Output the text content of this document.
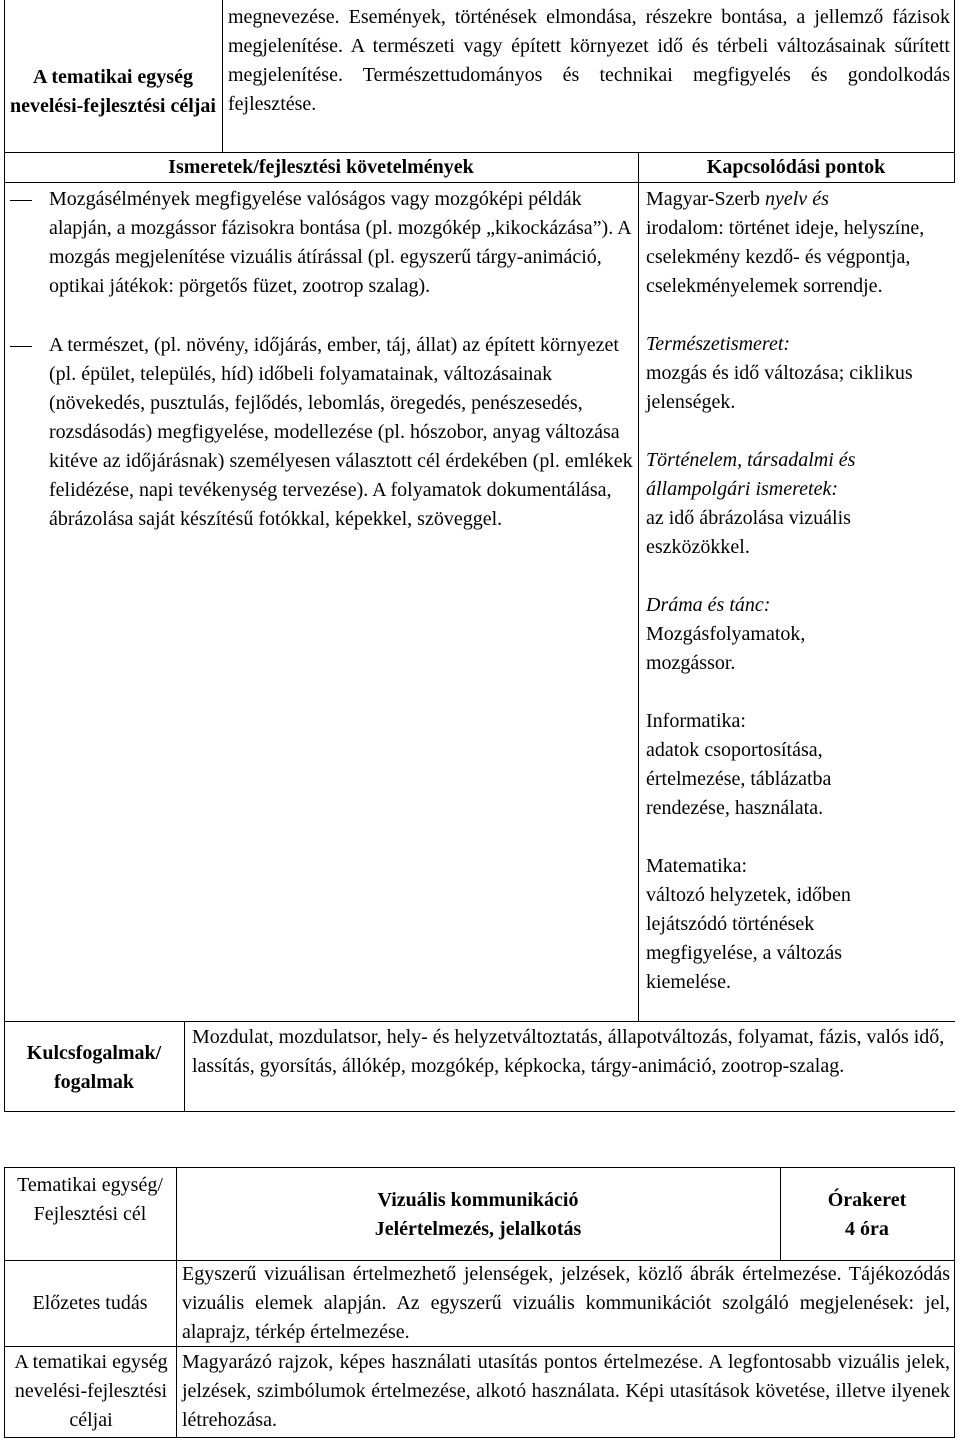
A tematikai egység nevelési-fejlesztési céljai

megnevezése. Események, történések elmondása, részekre bontása, a jellemző fázisok megjelenítése. A természeti vagy épített környezet idő és térbeli változásainak sűrített megjelenítése. Természettudományos és technikai megfigyelés és gondolkodás fejlesztése.

Ismeretek/fejlesztési követelmények	Kapcsolódási pontok

Mozgásélmények megfigyelése valóságos vagy mozgóképi példák alapján, a mozgássor fázisokra bontása (pl. mozgókép „kikockázása”). A mozgás megjelenítése vizuális átírással (pl. egyszerű tárgy-animáció, optikai játékok: pörgetős füzet, zootrop szalag).

A természet, (pl. növény, időjárás, ember, táj, állat) az épített környezet (pl. épület, település, híd) időbeli folyamatainak, változásainak (növekedés, pusztulás, fejlődés, lebomlás, öregedés, penészesedés, rozsdásodás) megfigyelése, modellezése (pl. hószobor, anyag változása kitéve az időjárásnak) személyesen választott cél érdekében (pl. emlékek felidézése, napi tevékenység tervezése). A folyamatok dokumentálása, ábrázolása saját készítésű fotókkal, képekkel, szöveggel.

Magyar-Szerb nyelv és

irodalom: történet ideje, helyszíne, cselekmény kezdő- és végpontja, cselekményelemek sorrendje.

Természetismeret:

mozgás és idő változása; ciklikus jelenségek.

Történelem, társadalmi és

állampolgári ismeretek:

az idő ábrázolása vizuális eszközökkel.

Dráma és tánc:

Mozgásfolyamatok, mozgássor.

Informatika:

adatok csoportosítása, értelmezése, táblázatba rendezése, használata.

Matematika:

változó helyzetek, időben lejátszódó történések megfigyelése, a változás kiemelése.

Kulcsfogalmak/ fogalmak

Mozdulat, mozdulatsor, hely- és helyzetváltoztatás, állapotváltozás, folyamat, fázis, valós idő, lassítás, gyorsítás, állókép, mozgókép, képkocka, tárgy-animáció, zootrop-szalag.

Tematikai egység/ Fejlesztési cél
Vizuális kommunikáció
Jelértelmezés, jelalkotás
Órakeret
4 óra
Előzetes tudás

Egyszerű vizuálisan értelmezhető jelenségek, jelzések, közlő ábrák értelmezése. Tájékozódás vizuális elemek alapján. Az egyszerű vizuális kommunikációt szolgáló megjelenések: jel, alaprajz, térkép értelmezése.

A tematikai egység nevelési-fejlesztési céljai

Magyarázó rajzok, képes használati utasítás pontos értelmezése. A legfontosabb vizuális jelek, jelzések, szimbólumok értelmezése, alkotó használata. Képi utasítások követése, illetve ilyenek létrehozása.
